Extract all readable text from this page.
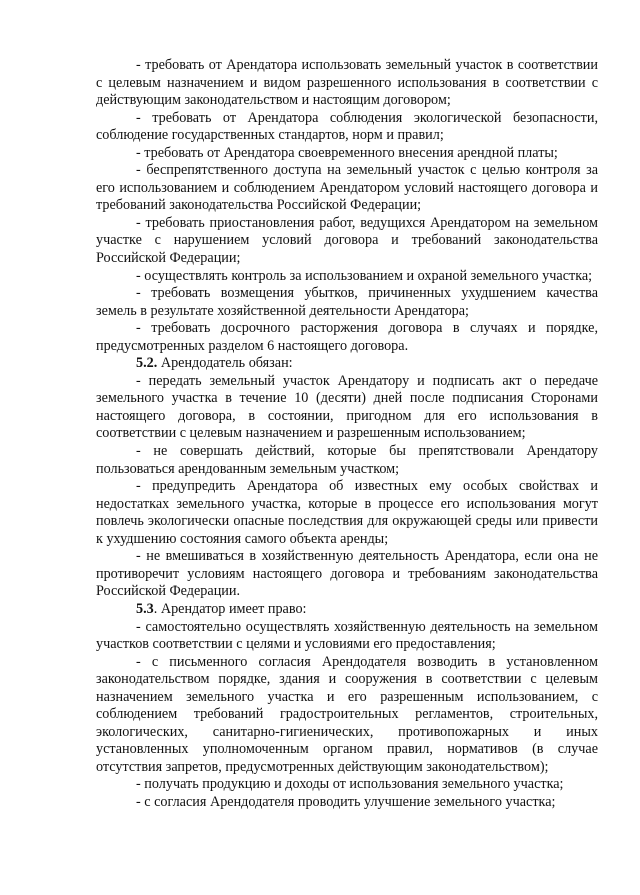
- требовать от Арендатора использовать земельный участок в соответствии с целевым назначением и видом разрешенного использования в соответствии с действующим законодательством и настоящим договором;

- требовать от Арендатора соблюдения экологической безопасности, соблюдение государственных стандартов, норм и правил;

- требовать от Арендатора своевременного внесения арендной платы;

- беспрепятственного доступа на земельный участок с целью контроля за его использованием и соблюдением Арендатором условий настоящего договора и требований законодательства Российской Федерации;

- требовать приостановления работ, ведущихся Арендатором на земельном участке с нарушением условий договора и требований законодательства Российской Федерации;

- осуществлять контроль за использованием и охраной земельного участка;

- требовать возмещения убытков, причиненных ухудшением качества земель в результате хозяйственной деятельности Арендатора;

- требовать досрочного расторжения договора в случаях и порядке, предусмотренных разделом 6 настоящего договора.

5.2. Арендодатель обязан:

- передать земельный участок Арендатору и подписать акт о передаче земельного участка в течение 10 (десяти) дней после подписания Сторонами настоящего договора, в состоянии, пригодном для его использования в соответствии с целевым назначением и разрешенным использованием;

- не совершать действий, которые бы препятствовали Арендатору пользоваться арендованным земельным участком;

- предупредить Арендатора об известных ему особых свойствах и недостатках земельного участка, которые в процессе его использования могут повлечь экологически опасные последствия для окружающей среды или привести к ухудшению состояния самого объекта аренды;

- не вмешиваться в хозяйственную деятельность Арендатора, если она не противоречит условиям настоящего договора и требованиям законодательства Российской Федерации.

5.3. Арендатор имеет право:

- самостоятельно осуществлять хозяйственную деятельность на земельном участков соответствии с целями и условиями его предоставления;

- с письменного согласия Арендодателя возводить в установленном законодательством порядке, здания и сооружения в соответствии с целевым назначением земельного участка и его разрешенным использованием, с соблюдением требований градостроительных регламентов, строительных, экологических, санитарно-гигиенических, противопожарных и иных установленных уполномоченным органом правил, нормативов (в случае отсутствия запретов, предусмотренных действующим законодательством);

- получать продукцию и доходы от использования земельного участка;

- с согласия Арендодателя проводить улучшение земельного участка;
